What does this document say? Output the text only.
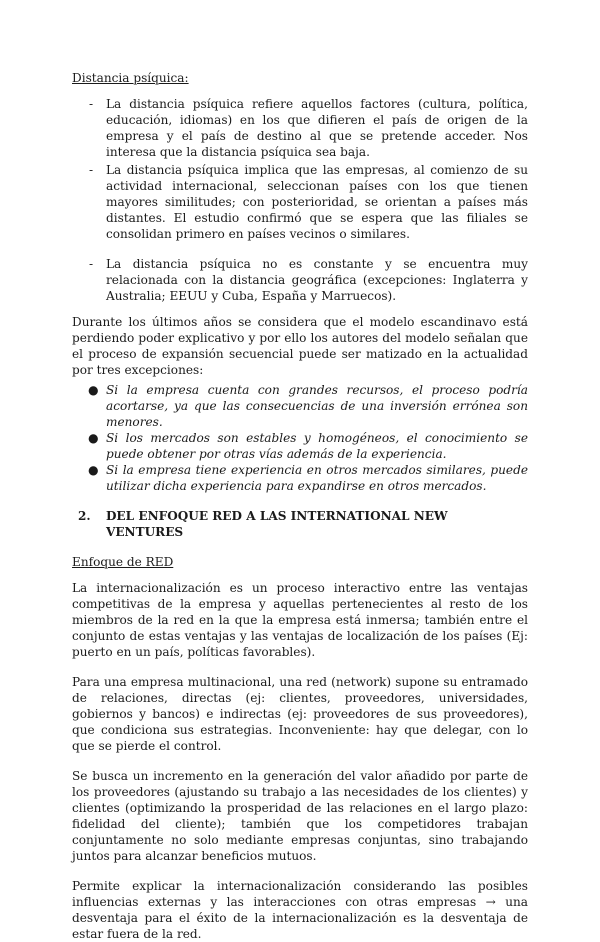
Distancia psíquica:
- La distancia psíquica refiere aquellos factores (cultura, política, educación, idiomas) en los que difieren el país de origen de la empresa y el país de destino al que se pretende acceder. Nos interesa que la distancia psíquica sea baja.
- La distancia psíquica implica que las empresas, al comienzo de su actividad internacional, seleccionan países con los que tienen mayores similitudes; con posterioridad, se orientan a países más distantes. El estudio confirmó que se espera que las filiales se consolidan primero en países vecinos o similares.
- La distancia psíquica no es constante y se encuentra muy relacionada con la distancia geográfica (excepciones: Inglaterra y Australia; EEUU y Cuba, España y Marruecos).

Durante los últimos años se considera que el modelo escandinavo está perdiendo poder explicativo y por ello los autores del modelo señalan que el proceso de expansión secuencial puede ser matizado en la actualidad por tres excepciones:

● Si la empresa cuenta con grandes recursos, el proceso podría acortarse, ya que las consecuencias de una inversión errónea son menores.
● Si los mercados son estables y homogéneos, el conocimiento se puede obtener por otras vías además de la experiencia.
● Si la empresa tiene experiencia en otros mercados similares, puede utilizar dicha experiencia para expandirse en otros mercados.
2.	DEL ENFOQUE RED A LAS INTERNATIONAL NEW VENTURES
Enfoque de RED

La internacionalización es un proceso interactivo entre las ventajas competitivas de la empresa y aquellas pertenecientes al resto de los miembros de la red en la que la empresa está inmersa; también entre el conjunto de estas ventajas y las ventajas de localización de los países (Ej: puerto en un país, políticas favorables).

Para una empresa multinacional, una red (network) supone su entramado de relaciones, directas (ej: clientes, proveedores, universidades, gobiernos y bancos) e indirectas (ej: proveedores de sus proveedores), que condiciona sus estrategias. Inconveniente: hay que delegar, con lo que se pierde el control.

Se busca un incremento en la generación del valor añadido por parte de los proveedores (ajustando su trabajo a las necesidades de los clientes) y clientes (optimizando la prosperidad de las relaciones en el largo plazo: fidelidad del cliente); también que los competidores trabajan conjuntamente no solo mediante empresas conjuntas, sino trabajando juntos para alcanzar beneficios mutuos.

Permite explicar la internacionalización considerando las posibles influencias externas y las interacciones con otras empresas → una desventaja para el éxito de la internacionalización es la desventaja de estar fuera de la red.
